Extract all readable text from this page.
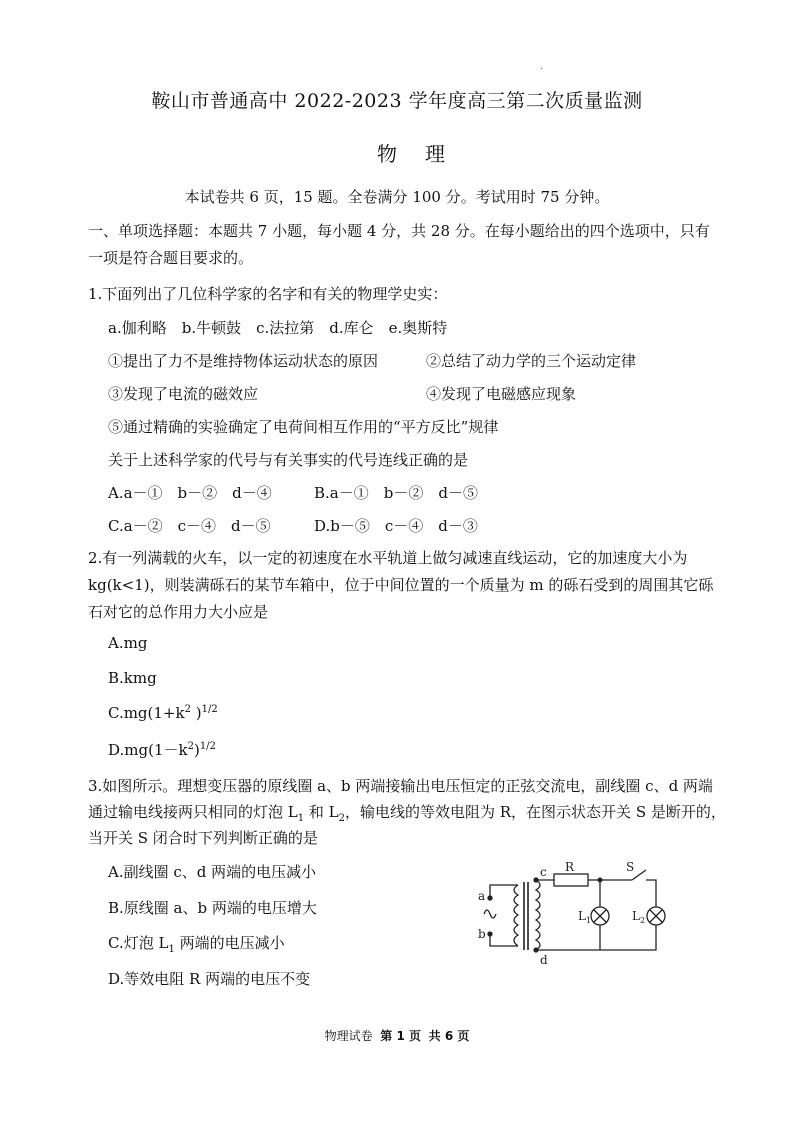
.
鞍山市普通高中 2022-2023 学年度高三第二次质量监测
物理
本试卷共 6 页，15 题。全卷满分 100 分。考试用时 75 分钟。
一、单项选择题：本题共 7 小题，每小题 4 分，共 28 分。在每小题给出的四个选项中，只有一项是符合题目要求的。
1.下面列出了几位科学家的名字和有关的物理学史实：
a.伽利略　b.牛顿鼓　c.法拉第　d.库仑　e.奥斯特
①提出了力不是维持物体运动状态的原因	②总结了动力学的三个运动定律
③发现了电流的磁效应	④发现了电磁感应现象
⑤通过精确的实验确定了电荷间相互作用的“平方反比”规律
关于上述科学家的代号与有关事实的代号连线正确的是
A.a－①　b－②　d－④	B.a－①　b－②　d－⑤
C.a－②　c－④　d－⑤	D.b－⑤　c－④　d－③
2.有一列满载的火车，以一定的初速度在水平轨道上做匀减速直线运动，它的加速度大小为
kg(k<1)，则装满砾石的某节车箱中，位于中间位置的一个质量为 m 的砾石受到的周围其它砾
石对它的总作用力大小应是
A.mg
B.kmg
$C.mg(1+k^2$ )$^{1/2}$
$D.mg(1-k^2)^{1/2}$
3.如图所示。理想变压器的原线圈 a、b 两端接输出电压恒定的正弦交流电，副线圈 c、d 两端
通过输电线接两只相同的灯泡 $L_1$ 和 $L_2$，输电线的等效电阻为 R，在图示状态开关 S 是断开的，
当开关 S 闭合时下列判断正确的是
A.副线圈 c、d 两端的电压减小
B.原线圈 a、b 两端的电压增大
C.灯泡 $L_1$ 两端的电压减小
D.等效电阻 R 两端的电压不变
a
b
c
d
R	S
$L_1$	$L_2$
物理试卷 第 1 页 共 6 页
